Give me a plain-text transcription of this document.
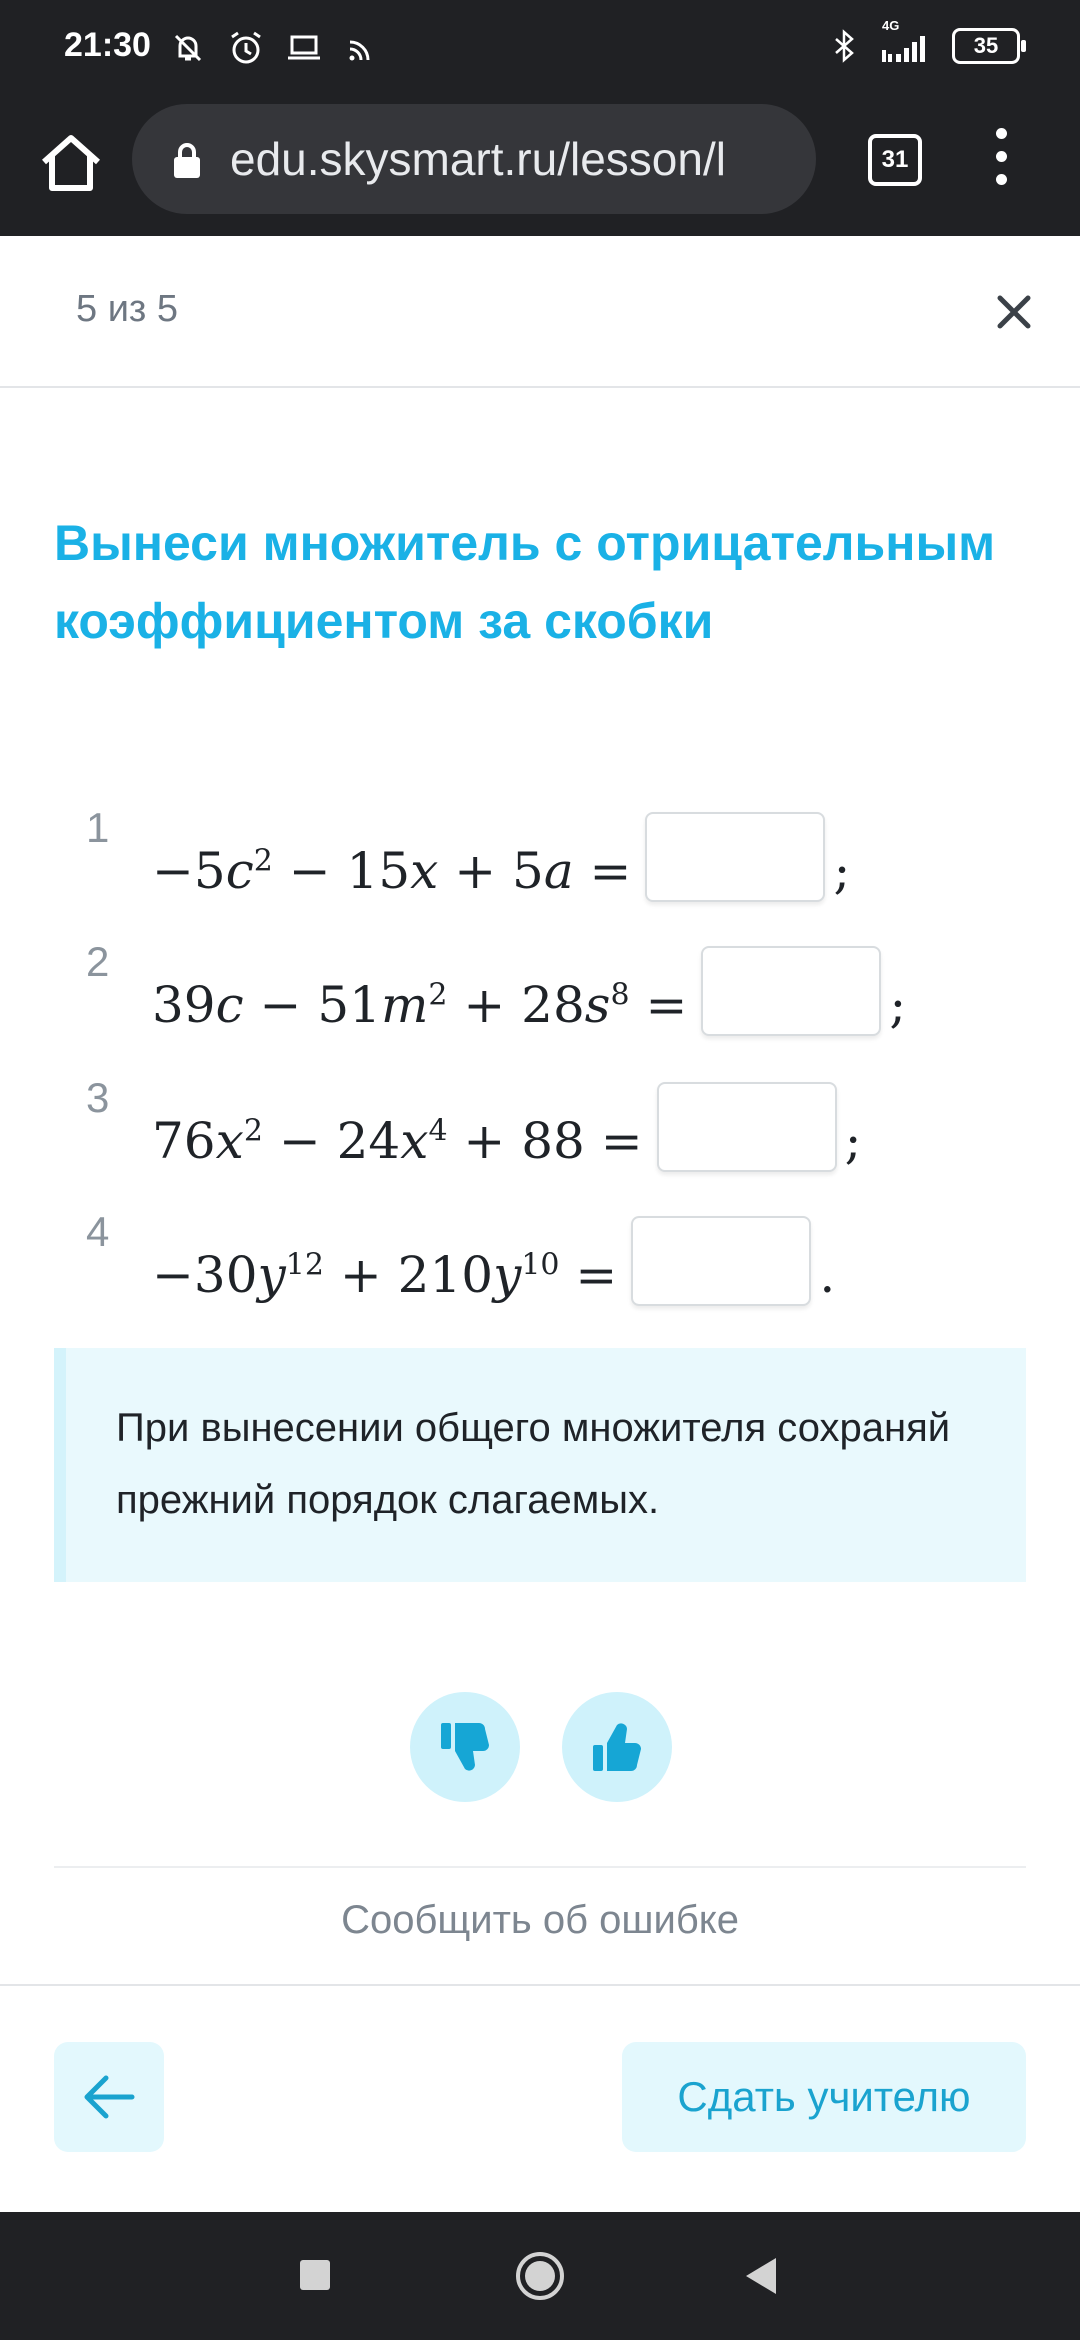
21:30
4G
35
edu.skysmart.ru/lesson/l	31
5 из 5
Вынеси множитель с отрицательным коэффициентом за скобки
1
$-5c^2 - 15x + 5a$ =	;
2
$39c - 51m^2 + 28s^8$ =	;
3
$76x^2 - 24x^4 + 88$ =	;
4
$-30y^{12} + 210y^{10}$ =	.
При вынесении общего множителя сохраняй прежний порядок слагаемых.
Сообщить об ошибке
Сдать учителю
